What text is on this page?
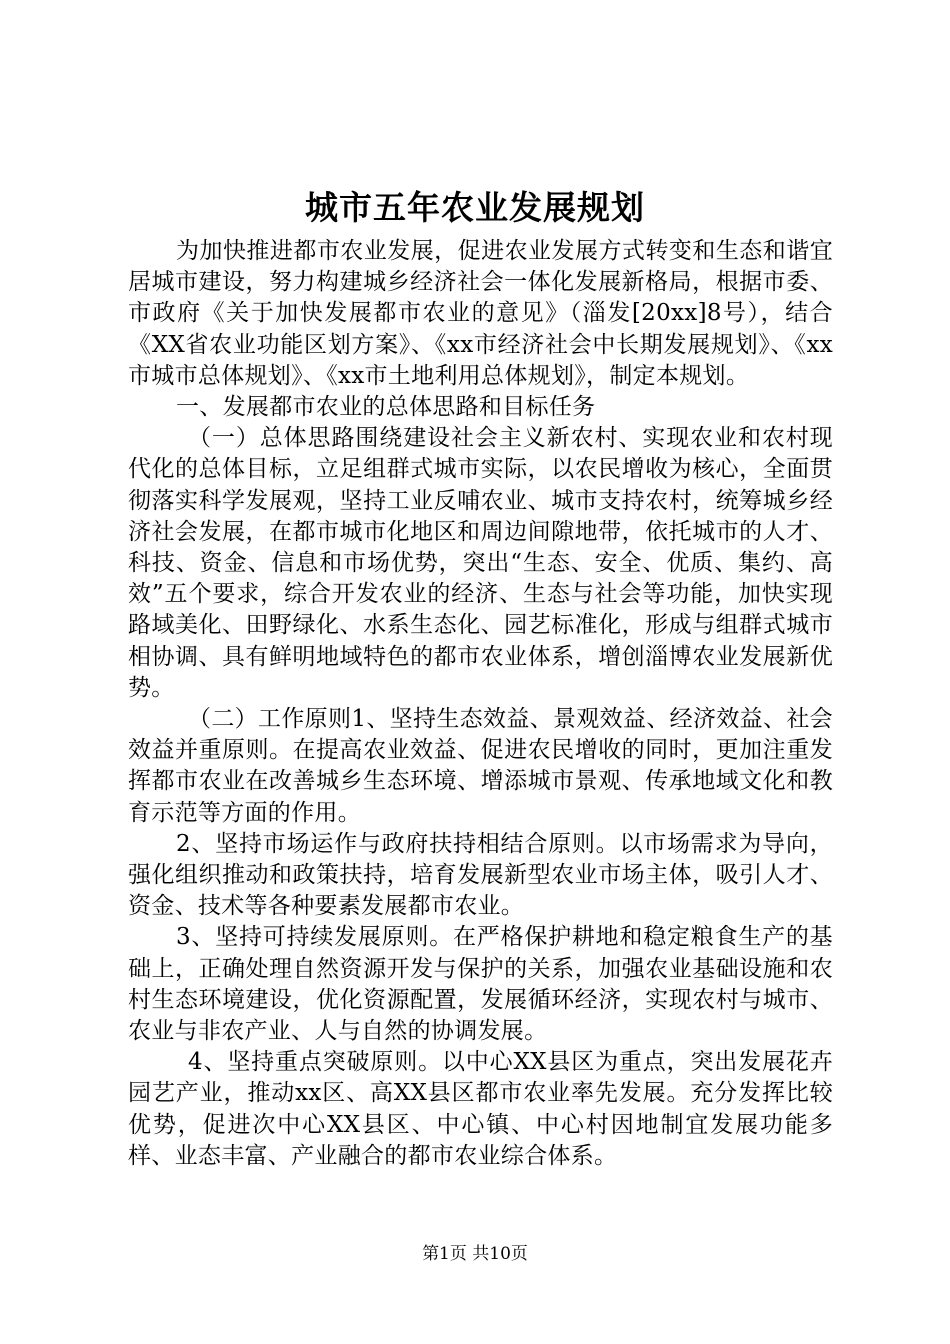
城市五年农业发展规划

为加快推进都市农业发展，促进农业发展方式转变和生态和谐宜居城市建设，努力构建城乡经济社会一体化发展新格局，根据市委、市政府《关于加快发展都市农业的意见》（淄发[20xx]8号），结合《XX省农业功能区划方案》、《xx市经济社会中长期发展规划》、《xx市城市总体规划》、《xx市土地利用总体规划》，制定本规划。

一、发展都市农业的总体思路和目标任务

（一）总体思路围绕建设社会主义新农村、实现农业和农村现代化的总体目标，立足组群式城市实际，以农民增收为核心，全面贯彻落实科学发展观，坚持工业反哺农业、城市支持农村，统筹城乡经济社会发展，在都市城市化地区和周边间隙地带，依托城市的人才、科技、资金、信息和市场优势，突出“生态、安全、优质、集约、高效”五个要求，综合开发农业的经济、生态与社会等功能，加快实现路域美化、田野绿化、水系生态化、园艺标准化，形成与组群式城市相协调、具有鲜明地域特色的都市农业体系，增创淄博农业发展新优势。

（二）工作原则1、坚持生态效益、景观效益、经济效益、社会效益并重原则。在提高农业效益、促进农民增收的同时，更加注重发挥都市农业在改善城乡生态环境、增添城市景观、传承地域文化和教育示范等方面的作用。

2、坚持市场运作与政府扶持相结合原则。以市场需求为导向，强化组织推动和政策扶持，培育发展新型农业市场主体，吸引人才、资金、技术等各种要素发展都市农业。

3、坚持可持续发展原则。在严格保护耕地和稳定粮食生产的基础上，正确处理自然资源开发与保护的关系，加强农业基础设施和农村生态环境建设，优化资源配置，发展循环经济，实现农村与城市、农业与非农产业、人与自然的协调发展。

4、坚持重点突破原则。以中心XX县区为重点，突出发展花卉园艺产业，推动xx区、高XX县区都市农业率先发展。充分发挥比较优势，促进次中心XX县区、中心镇、中心村因地制宜发展功能多样、业态丰富、产业融合的都市农业综合体系。

第1页 共10页
